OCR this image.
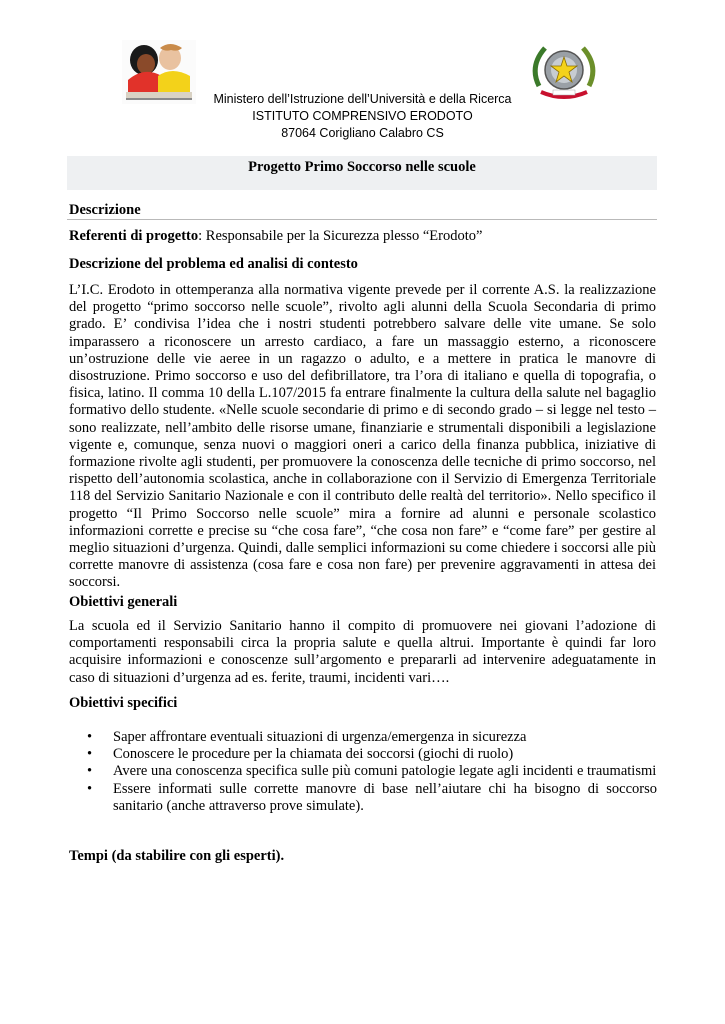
Ministero dell’Istruzione dell’Università e della Ricerca
ISTITUTO COMPRENSIVO ERODOTO
87064 Corigliano Calabro CS
Progetto Primo Soccorso nelle scuole
Descrizione
Referenti di progetto: Responsabile per la Sicurezza plesso “Erodoto”
Descrizione del problema ed analisi di contesto
L’I.C. Erodoto in ottemperanza alla normativa vigente prevede per il corrente A.S. la realizzazione del progetto “primo soccorso nelle scuole”, rivolto agli alunni della Scuola Secondaria di primo grado. E’ condivisa l’idea che i nostri studenti potrebbero salvare delle vite umane. Se solo imparassero a riconoscere un arresto cardiaco, a fare un massaggio esterno, a riconoscere un’ostruzione delle vie aeree in un ragazzo o adulto, e a mettere in pratica le manovre di disostruzione. Primo soccorso e uso del defibrillatore, tra l’ora di italiano e quella di topografia, o fisica, latino. Il comma 10 della L.107/2015 fa entrare finalmente la cultura della salute nel bagaglio formativo dello studente. «Nelle scuole secondarie di primo e di secondo grado – si legge nel testo – sono realizzate, nell’ambito delle risorse umane, finanziarie e strumentali disponibili a legislazione vigente e, comunque, senza nuovi o maggiori oneri a carico della finanza pubblica, iniziative di formazione rivolte agli studenti, per promuovere la conoscenza delle tecniche di primo soccorso, nel rispetto dell’autonomia scolastica, anche in collaborazione con il Servizio di Emergenza Territoriale 118 del Servizio Sanitario Nazionale e con il contributo delle realtà del territorio». Nello specifico il progetto “Il Primo Soccorso nelle scuole” mira a fornire ad alunni e personale scolastico informazioni corrette e precise su “che cosa fare”, “che cosa non fare” e “come fare” per gestire al meglio situazioni d’urgenza. Quindi, dalle semplici informazioni su come chiedere i soccorsi alle più corrette manovre di assistenza (cosa fare e cosa non fare) per prevenire aggravamenti in attesa dei soccorsi.
Obiettivi generali
La scuola ed il Servizio Sanitario hanno il compito di promuovere nei giovani l’adozione di comportamenti responsabili circa la propria salute e quella altrui. Importante è quindi far loro acquisire informazioni e conoscenze sull’argomento e prepararli ad intervenire adeguatamente in caso di situazioni d’urgenza ad es. ferite, traumi, incidenti vari….
Obiettivi specifici
• Saper affrontare eventuali situazioni di urgenza/emergenza in sicurezza
• Conoscere le procedure per la chiamata dei soccorsi (giochi di ruolo)
• Avere una conoscenza specifica sulle più comuni patologie legate agli incidenti e traumatismi
• Essere informati sulle corrette manovre di base nell’aiutare chi ha bisogno di soccorso sanitario (anche attraverso prove simulate).
Tempi (da stabilire con gli esperti).
